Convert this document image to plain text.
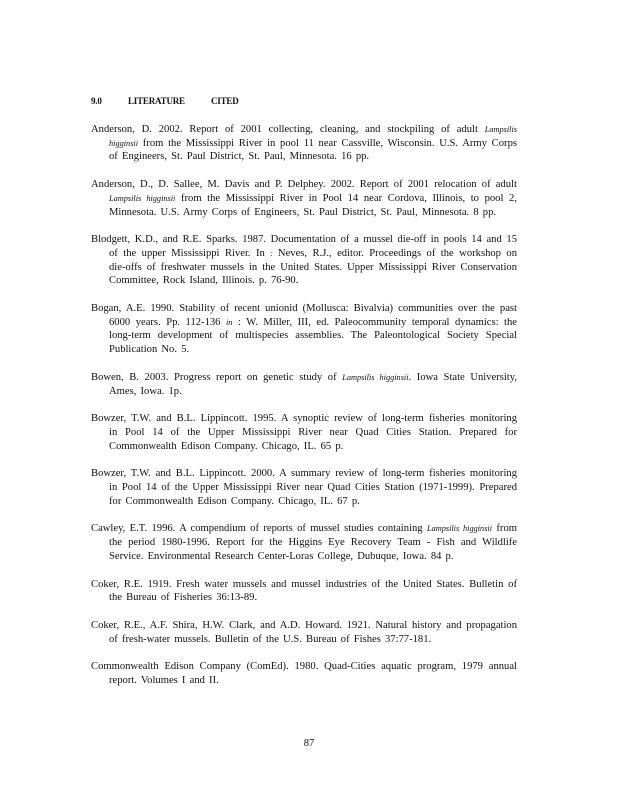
9.0	LITERATURE	CITED

Anderson, D. 2002. Report of 2001 collecting, cleaning, and stockpiling of adult Lampsilis higginsii from the Mississippi River in pool 11 near Cassville, Wisconsin. U.S. Army Corps of Engineers, St. Paul District, St. Paul, Minnesota. 16 pp.

Anderson, D., D. Sallee, M. Davis and P. Delphey. 2002. Report of 2001 relocation of adult Lampsilis higginsii from the Mississippi River in Pool 14 near Cordova, Illinois, to pool 2, Minnesota. U.S. Army Corps of Engineers, St. Paul District, St. Paul, Minnesota. 8 pp.

Blodgett, K.D., and R.E. Sparks. 1987. Documentation of a mussel die-off in pools 14 and 15 of the upper Mississippi River. In : Neves, R.J., editor. Proceedings of the workshop on die-offs of freshwater mussels in the United States. Upper Mississippi River Conservation Committee, Rock Island, Illinois. p. 76-90.

Bogan, A.E. 1990. Stability of recent unionid (Mollusca: Bivalvia) communities over the past 6000 years. Pp. 112-136 in : W. Miller, III, ed. Paleocommunity temporal dynamics: the long-term development of multispecies assemblies. The Paleontological Society Special Publication No. 5.

Bowen, B. 2003. Progress report on genetic study of Lampsilis higginsii. Iowa State University, Ames, Iowa. 1p.

Bowzer, T.W. and B.L. Lippincott. 1995. A synoptic review of long-term fisheries monitoring in Pool 14 of the Upper Mississippi River near Quad Cities Station. Prepared for Commonwealth Edison Company. Chicago, IL. 65 p.

Bowzer, T.W. and B.L. Lippincott. 2000. A summary review of long-term fisheries monitoring in Pool 14 of the Upper Mississippi River near Quad Cities Station (1971-1999). Prepared for Commonwealth Edison Company. Chicago, IL. 67 p.

Cawley, E.T. 1996. A compendium of reports of mussel studies containing Lampsilis higginsii from the period 1980-1996. Report for the Higgins Eye Recovery Team - Fish and Wildlife Service. Environmental Research Center-Loras College, Dubuque, Iowa. 84 p.

Coker, R.E. 1919. Fresh water mussels and mussel industries of the United States. Bulletin of the Bureau of Fisheries 36:13-89.

Coker, R.E., A.F. Shira, H.W. Clark, and A.D. Howard. 1921. Natural history and propagation of fresh-water mussels. Bulletin of the U.S. Bureau of Fishes 37:77-181.

Commonwealth Edison Company (ComEd). 1980. Quad-Cities aquatic program, 1979 annual report. Volumes I and II.

87
